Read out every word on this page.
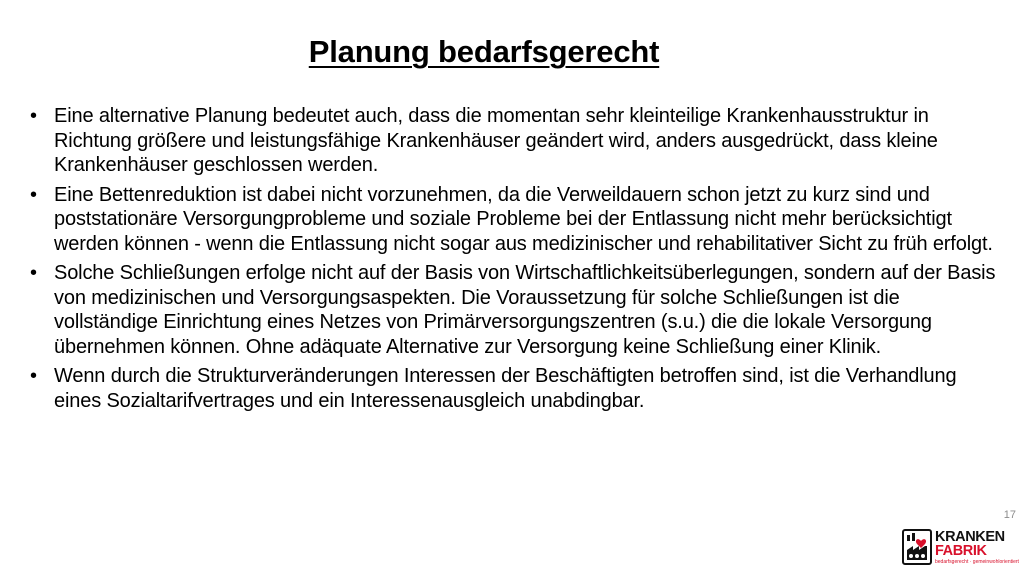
Planung bedarfsgerecht
• Eine alternative Planung bedeutet auch, dass die momentan sehr kleinteilige Krankenhausstruktur in Richtung größere und leistungsfähige Krankenhäuser geändert wird, anders ausgedrückt, dass kleine Krankenhäuser geschlossen werden.
• Eine Bettenreduktion ist dabei nicht vorzunehmen, da die Verweildauern schon jetzt zu kurz sind und poststationäre Versorgungprobleme und soziale Probleme bei der Entlassung nicht mehr berücksichtigt werden können - wenn die Entlassung nicht sogar aus medizinischer und rehabilitativer Sicht zu früh erfolgt.
• Solche Schließungen erfolge nicht auf der Basis von Wirtschaftlichkeitsüberlegungen, sondern auf der Basis von medizinischen und Versorgungsaspekten. Die Voraussetzung für solche Schließungen ist die vollständige Einrichtung eines Netzes von Primärversorgungszentren (s.u.) die die lokale Versorgung übernehmen können. Ohne adäquate Alternative zur Versorgung keine Schließung einer Klinik.
• Wenn durch die Strukturveränderungen Interessen der Beschäftigten betroffen sind, ist die Verhandlung eines Sozialtarifvertrages und ein Interessenausgleich unabdingbar.
17
KRANKEN
FABRIK
bedarfsgerecht · gemeinwohlorientiert
